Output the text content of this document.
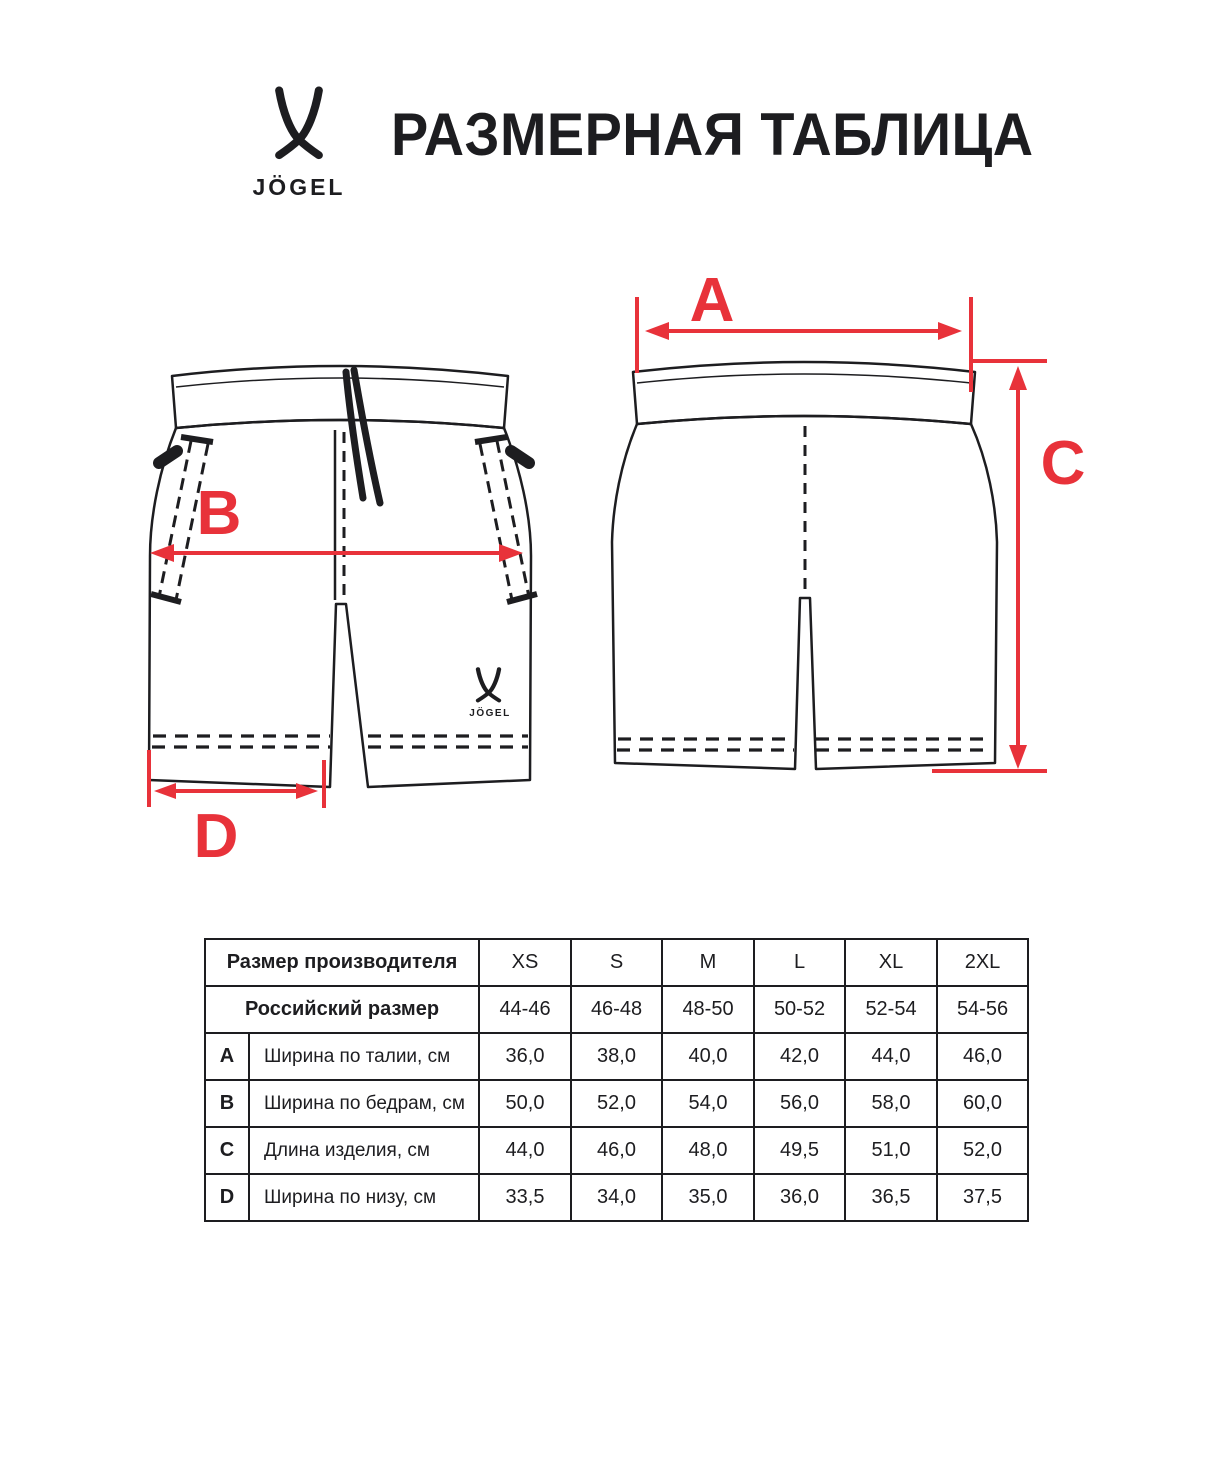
JÖGEL
РАЗМЕРНАЯ ТАБЛИЦА
JÖGEL
A
B
C
D
Размер производителя		XS	S	M	L	XL	2XL
Российский размер		44-46	46-48	48-50	50-52	52-54	54-56
A	Ширина по талии, см	36,0	38,0	40,0	42,0	44,0	46,0
B	Ширина по бедрам, см	50,0	52,0	54,0	56,0	58,0	60,0
C	Длина изделия, см	44,0	46,0	48,0	49,5	51,0	52,0
D	Ширина по низу, см	33,5	34,0	35,0	36,0	36,5	37,5
